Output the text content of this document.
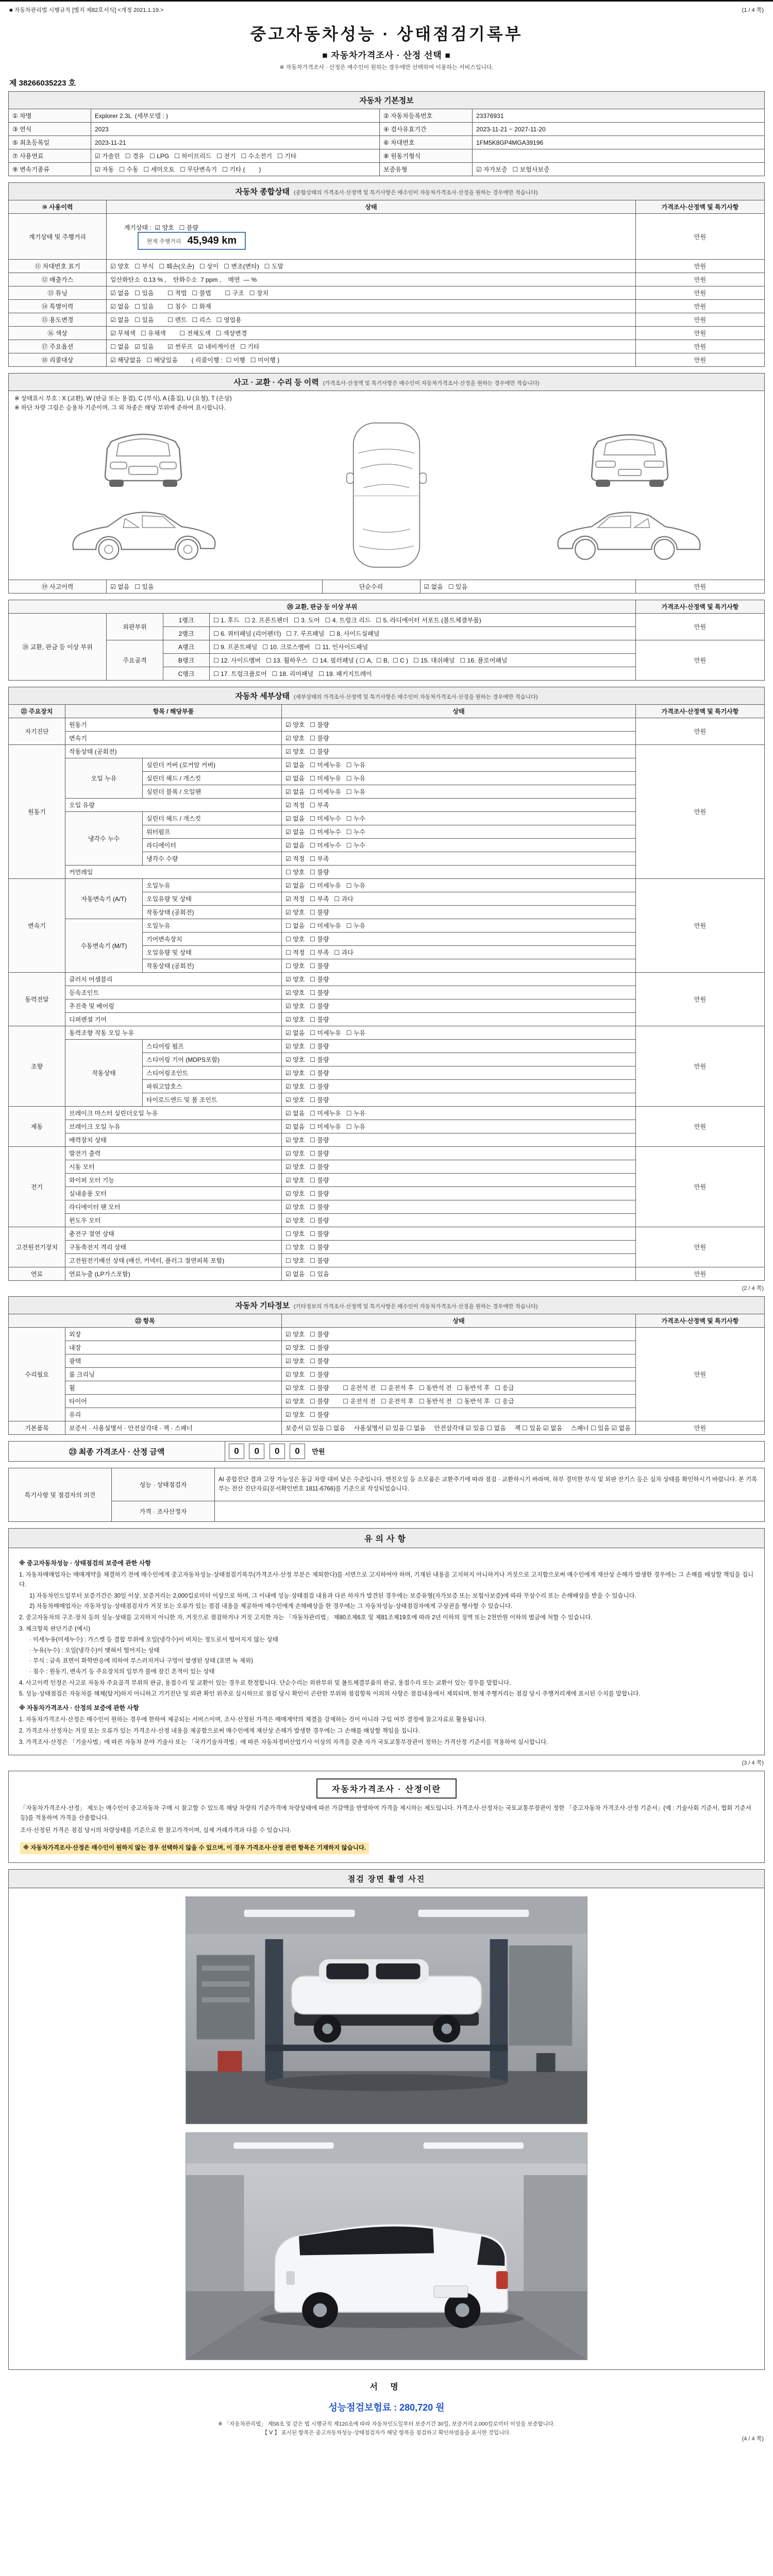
■ 자동차관리법 시행규칙 [별지 제82호서식] <개정 2021.1.19.>	(1 / 4 쪽)
중고자동차성능 · 상태점검기록부
■ 자동차가격조사 · 산정 선택 ■
※ 자동차가격조사 · 산정은 매수인이 원하는 경우에만 선택하여 이용하는 서비스입니다.
제 38266035223 호
자동차 기본정보			
① 차명	Explorer 2.3L  (세부모델 : )	② 자동차등록번호	23376931
③ 연식	2023	④ 검사유효기간	2023-11-21 ~ 2027-11-20
⑤ 최초등록일	2023-11-21	⑥ 차대번호	1FM5K8GP4MGA39196
⑦ 사용연료	☑ 가솔린   ☐ 경유   ☐ LPG   ☐ 하이브리드   ☐ 전기   ☐ 수소전기   ☐ 기타	⑧ 원동기형식	
⑨ 변속기종류	☑ 자동   ☐ 수동   ☐ 세미오토   ☐ 무단변속기   ☐ 기타 (        )	보증유형	☑ 자가보증   ☐ 보험사보증
자동차 종합상태 (종합상태의 가격조사·산정액 및 특기사항은 매수인이 자동차가격조사·산정을 원하는 경우에만 적습니다)		
⑩ 사용이력	상태	가격조사·산정액 및 특기사항
계기상태 및 주행거리	계기상태 :  ☑ 양호   ☐ 불량

현재 주행거리 45,949 km	만원
⑪ 차대번호 표기	☑ 양호   ☐ 부식   ☐ 훼손(오손)   ☐ 상이   ☐ 변조(변타)   ☐ 도말	만원
⑫ 배출가스	일산화탄소  0.13 % ,    탄화수소  7 ppm ,    매연  ― %	만원
⑬ 튜닝	☑ 없음   ☐ 있음        ☐ 적법   ☐ 불법        ☐ 구조   ☐ 장치	만원
⑭ 특별이력	☑ 없음   ☐ 있음        ☐ 침수   ☐ 화재	만원
⑮ 용도변경	☑ 없음   ☐ 있음        ☐ 렌트   ☐ 리스   ☐ 영업용	만원
⑯ 색상	☑ 무채색   ☐ 유채색        ☐ 전체도색   ☐ 색상변경	만원
⑰ 주요옵션	☐ 없음   ☑ 있음        ☑ 썬루프   ☑ 네비게이션   ☐ 기타	만원
⑱ 리콜대상	☑ 해당없음   ☐ 해당있음        ( 리콜이행 :  ☐ 이행   ☐ 미이행 )	만원
사고 · 교환 · 수리 등 이력 (가격조사·산정액 및 특기사항은 매수인이 자동차가격조사·산정을 원하는 경우에만 적습니다)

※ 상태표시 부호 : X (교환), W (판금 또는 용접), C (부식), A (흠집), U (요철), T (손상)
※ 하단 차량 그림은 승용차 기준이며, 그 외 차종은 해당 부위에 준하여 표시합니다.

⑲ 사고이력	☑ 없음   ☐ 있음	단순수리	☑ 없음   ☐ 있음	만원
⑳ 교환, 판금 등 이상 부위				가격조사·산정액 및 특기사항
⑳ 교환, 판금 등 이상 부위	외판부위	1랭크	☐ 1. 후드   ☐ 2. 프론트펜더   ☐ 3. 도어   ☐ 4. 트렁크 리드   ☐ 5. 라디에이터 서포트 (볼트체결부품)	만원
		2랭크	☐ 6. 쿼터패널 (리어펜더)   ☐ 7. 루프패널   ☐ 8. 사이드실패널	
	주요골격	A랭크	☐ 9. 프론트패널   ☐ 10. 크로스멤버   ☐ 11. 인사이드패널	만원
		B랭크	☐ 12. 사이드멤버   ☐ 13. 휠하우스   ☐ 14. 필러패널 ( ☐ A,  ☐ B,  ☐ C )   ☐ 15. 대쉬패널   ☐ 16. 플로어패널	
		C랭크	☐ 17. 트렁크플로어   ☐ 18. 리어패널   ☐ 19. 패키지트레이	
자동차 세부상태 (세부상태의 가격조사·산정액 및 특기사항은 매수인이 자동차가격조사·산정을 원하는 경우에만 적습니다)				
㉑ 주요장치	항목 / 해당부품		상태	가격조사·산정액 및 특기사항
자기진단	원동기		☑ 양호   ☐ 불량	만원
	변속기		☑ 양호   ☐ 불량	
원동기	작동상태 (공회전)		☑ 양호   ☐ 불량	만원
	오일 누유	실린더 커버 (로커암 커버)	☑ 없음   ☐ 미세누유   ☐ 누유	
		실린더 헤드 / 개스킷	☑ 없음   ☐ 미세누유   ☐ 누유	
		실린더 블록 / 오일팬	☑ 없음   ☐ 미세누유   ☐ 누유	
	오일 유량		☑ 적정   ☐ 부족	
	냉각수 누수	실린더 헤드 / 개스킷	☑ 없음   ☐ 미세누수   ☐ 누수	
		워터펌프	☑ 없음   ☐ 미세누수   ☐ 누수	
		라디에이터	☑ 없음   ☐ 미세누수   ☐ 누수	
		냉각수 수량	☑ 적정   ☐ 부족	
	커먼레일		☐ 양호   ☐ 불량	
변속기	자동변속기 (A/T)	오일누유	☑ 없음   ☐ 미세누유   ☐ 누유	만원
		오일유량 및 상태	☑ 적정   ☐ 부족   ☐ 과다	
		작동상태 (공회전)	☑ 양호   ☐ 불량	
	수동변속기 (M/T)	오일누유	☐ 없음   ☐ 미세누유   ☐ 누유	
		기어변속장치	☐ 양호   ☐ 불량	
		오일유량 및 상태	☐ 적정   ☐ 부족   ☐ 과다	
		작동상태 (공회전)	☐ 양호   ☐ 불량	
동력전달	클러치 어셈블리		☑ 양호   ☐ 불량	만원
	등속조인트		☑ 양호   ☐ 불량	
	추진축 및 베어링		☑ 양호   ☐ 불량	
	디퍼렌셜 기어		☑ 양호   ☐ 불량	
조향	동력조향 작동 오일 누유		☑ 없음   ☐ 미세누유   ☐ 누유	만원
	작동상태	스티어링 펌프	☑ 양호   ☐ 불량	
		스티어링 기어 (MDPS포함)	☑ 양호   ☐ 불량	
		스티어링조인트	☑ 양호   ☐ 불량	
		파워고압호스	☑ 양호   ☐ 불량	
		타이로드엔드 및 볼 조인트	☑ 양호   ☐ 불량	
제동	브레이크 마스터 실린더오일 누유		☑ 없음   ☐ 미세누유   ☐ 누유	만원
	브레이크 오일 누유		☑ 없음   ☐ 미세누유   ☐ 누유	
	배력장치 상태		☑ 양호   ☐ 불량	
전기	발전기 출력		☑ 양호   ☐ 불량	만원
	시동 모터		☑ 양호   ☐ 불량	
	와이퍼 모터 기능		☑ 양호   ☐ 불량	
	실내송풍 모터		☑ 양호   ☐ 불량	
	라디에이터 팬 모터		☑ 양호   ☐ 불량	
	윈도우 모터		☑ 양호   ☐ 불량	
고전원전기장치	충전구 절연 상태		☐ 양호   ☐ 불량	만원
	구동축전지 격리 상태		☐ 양호   ☐ 불량	
	고전원전기배선 상태 (배선, 커넥터, 플러그 절연피복 포함)		☐ 양호   ☐ 불량	
연료	연료누출 (LP가스포함)		☑ 없음   ☐ 있음	만원
(2 / 4 쪽)
자동차 기타정보 (기타정보의 가격조사·산정액 및 특기사항은 매수인이 자동차가격조사·산정을 원하는 경우에만 적습니다)			
㉒ 항목		상태	가격조사·산정액 및 특기사항
수리필요	외장	☑ 양호   ☐ 불량	만원
	내장	☑ 양호   ☐ 불량	
	광택	☑ 양호   ☐ 불량	
	룸 크리닝	☑ 양호   ☐ 불량	
	휠	☑ 양호   ☐ 불량        ☐ 운전석 전   ☐ 운전석 후   ☐ 동반석 전   ☐ 동반석 후   ☐ 응급	
	타이어	☑ 양호   ☐ 불량        ☐ 운전석 전   ☐ 운전석 후   ☐ 동반석 전   ☐ 동반석 후   ☐ 응급	
	유리	☑ 양호   ☐ 불량	
기본품목	보증서 · 사용설명서 · 안전삼각대 · 잭 · 스패너	보증서 ☑ 있음 ☐ 없음     사용설명서 ☑ 있음 ☐ 없음     안전삼각대 ☑ 있음 ☐ 없음     잭 ☐ 있음 ☑ 없음     스패너 ☐ 있음 ☑ 없음	만원
㉓ 최종 가격조사 · 산정 금액	0 0 0 0 만원
특기사항 및 점검자의 의견	성능 · 상태점검자	AI 종합진단 결과 고장 가능성은 동급 차량 대비 낮은 수준입니다. 엔진오일 등 소모품은 교환주기에 따라 점검 · 교환하시기 바라며, 하부 경미한 부식 및 외판 잔기스 등은 실차 상태를 확인하시기 바랍니다. 본 기록부는 전산 진단자료(문서확인번호 1811-6766)를 기준으로 작성되었습니다.
	가격 · 조사산정자	
유의사항
※ 중고자동차성능 · 상태점검의 보증에 관한 사항
1. 자동차매매업자는 매매계약을 체결하기 전에 매수인에게 중고자동차성능·상태점검기록부(가격조사·산정 부분은 제외한다)를 서면으로 고지하여야 하며, 기재된 내용을 고지하지 아니하거나 거짓으로 고지함으로써 매수인에게 재산상 손해가 발생한 경우에는 그 손해를 배상할 책임을 집니다.
1) 자동차인도일부터 보증기간은 30일 이상, 보증거리는 2,000킬로미터 이상으로 하며, 그 이내에 성능·상태점검 내용과 다른 하자가 발견된 경우에는 보증유형(자가보증 또는 보험사보증)에 따라 무상수리 또는 손해배상을 받을 수 있습니다.
2) 자동차매매업자는 자동차성능·상태점검자가 거짓 또는 오류가 있는 점검 내용을 제공하여 매수인에게 손해배상을 한 경우에는 그 자동차성능·상태점검자에게 구상권을 행사할 수 있습니다.
2. 중고자동차의 구조·장치 등의 성능·상태를 고지하지 아니한 자, 거짓으로 점검하거나 거짓 고지한 자는 「자동차관리법」 제80조제6호 및 제81조제19호에 따라 2년 이하의 징역 또는 2천만원 이하의 벌금에 처할 수 있습니다.
3. 체크항목 판단기준 (예시)
· 미세누유(미세누수) : 가스켓 등 결합 부위에 오일(냉각수)이 비치는 정도로서 떨어지지 않는 상태
· 누유(누수) : 오일(냉각수)이 맺혀서 떨어지는 상태
· 부식 : 금속 표면이 화학반응에 의하여 부스러지거나 구멍이 발생된 상태 (표면 녹 제외)
· 침수 : 원동기, 변속기 등 주요장치의 일부가 물에 잠긴 흔적이 있는 상태
4. 사고이력 인정은 사고로 자동차 주요골격 부위의 판금, 용접수리 및 교환이 있는 경우로 한정합니다. 단순수리는 외판부위 및 볼트체결부품의 판금, 용접수리 또는 교환이 있는 경우를 말합니다.
5. 성능·상태점검은 자동차를 해체(탈거)하지 아니하고 기기진단 및 외관 확인 위주로 실시하므로 점검 당시 확인이 곤란한 부위와 점검항목 이외의 사항은 점검내용에서 제외되며, 현재 주행거리는 점검 당시 주행거리계에 표시된 수치를 말합니다.
※ 자동차가격조사 · 산정의 보증에 관한 사항
1. 자동차가격조사·산정은 매수인이 원하는 경우에 한하여 제공되는 서비스이며, 조사·산정된 가격은 매매계약의 체결을 강제하는 것이 아니라 구입 여부 결정에 참고자료로 활용됩니다.
2. 가격조사·산정자는 거짓 또는 오류가 있는 가격조사·산정 내용을 제공함으로써 매수인에게 재산상 손해가 발생한 경우에는 그 손해를 배상할 책임을 집니다.
3. 가격조사·산정은 「기술사법」에 따른 자동차 분야 기술사 또는 「국가기술자격법」에 따른 자동차정비산업기사 이상의 자격을 갖춘 자가 국토교통부장관이 정하는 가격산정 기준서를 적용하여 실시합니다.
(3 / 4 쪽)
자동차가격조사 · 산정이란

「자동차가격조사·산정」 제도는 매수인이 중고자동차 구매 시 참고할 수 있도록 해당 차량의 기준가격에 차량상태에 따른 가감액을 반영하여 가격을 제시하는 제도입니다. 가격조사·산정자는 국토교통부장관이 정한 「중고자동차 가격조사·산정 기준서」(예 : 기술사회 기준서, 협회 기준서 등)를 적용하여 가격을 산출합니다.

조사·산정된 가격은 점검 당시의 차량상태를 기준으로 한 참고가격이며, 실제 거래가격과 다를 수 있습니다.

※ 자동차가격조사·산정은 매수인이 원하지 않는 경우 선택하지 않을 수 있으며, 이 경우 가격조사·산정 관련 항목은 기재하지 않습니다.

점검 장면 촬영 사진
서 명
성능점검보험료 : 280,720 원
※ 「자동차관리법」 제58조 및 같은 법 시행규칙 제120조에 따라 자동차인도일부터 보증기간 30일, 보증거리 2,000킬로미터 이상을 보증합니다.
【 Ⅴ 】 표시된 항목은 중고자동차성능·상태점검자가 해당 항목을 점검하고 확인하였음을 표시한 것입니다.
(4 / 4 쪽)
